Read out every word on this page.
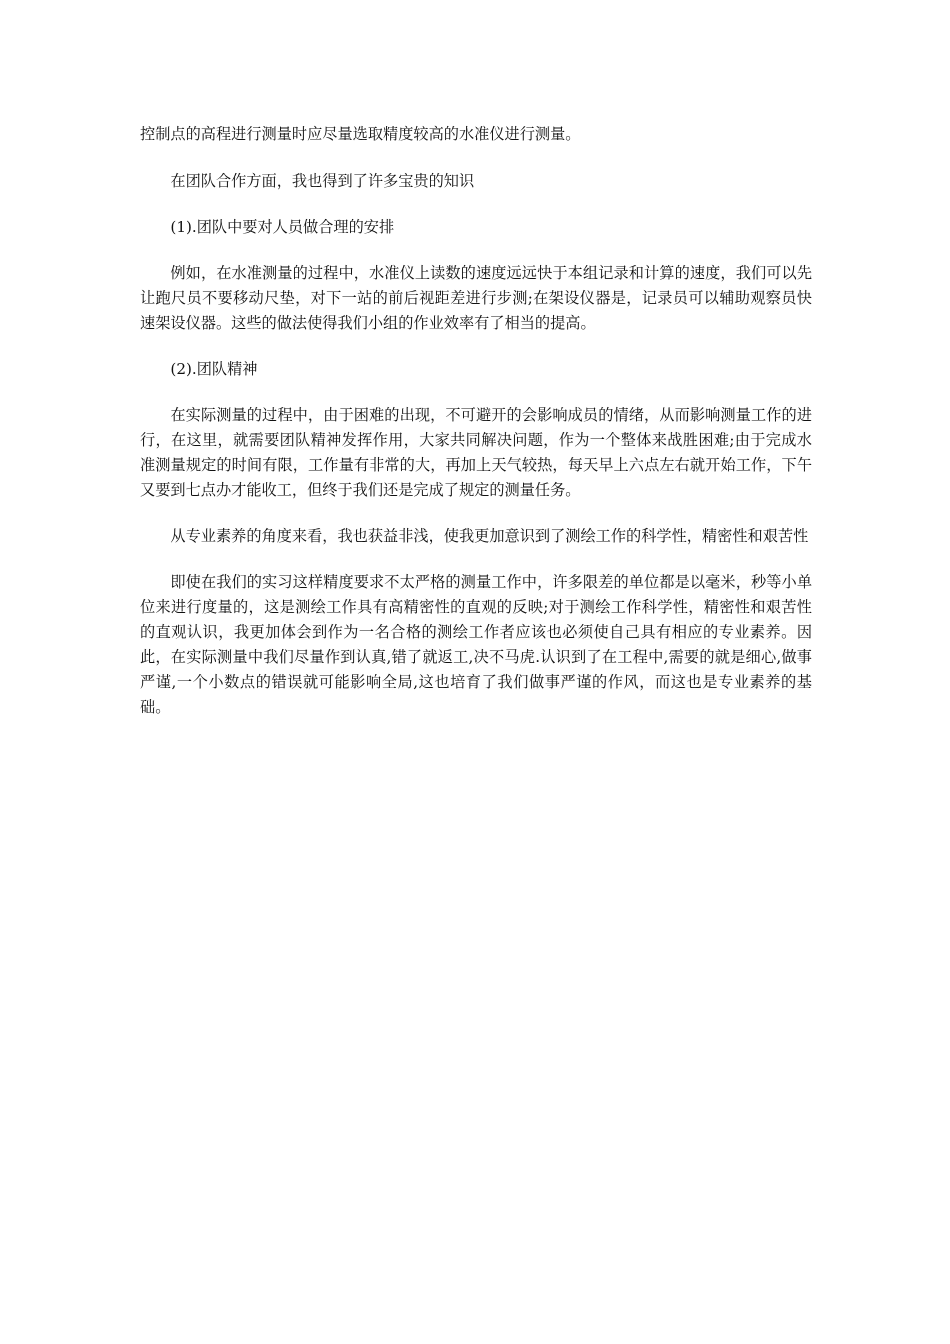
控制点的高程进行测量时应尽量选取精度较高的水准仪进行测量。

在团队合作方面，我也得到了许多宝贵的知识

(1).团队中要对人员做合理的安排

例如，在水准测量的过程中，水准仪上读数的速度远远快于本组记录和计算的速度，我们可以先让跑尺员不要移动尺垫，对下一站的前后视距差进行步测;在架设仪器是，记录员可以辅助观察员快速架设仪器。这些的做法使得我们小组的作业效率有了相当的提高。

(2).团队精神

在实际测量的过程中，由于困难的出现，不可避开的会影响成员的情绪，从而影响测量工作的进行，在这里，就需要团队精神发挥作用，大家共同解决问题，作为一个整体来战胜困难;由于完成水准测量规定的时间有限，工作量有非常的大，再加上天气较热，每天早上六点左右就开始工作，下午又要到七点办才能收工，但终于我们还是完成了规定的测量任务。

从专业素养的角度来看，我也获益非浅，使我更加意识到了测绘工作的科学性，精密性和艰苦性

即使在我们的实习这样精度要求不太严格的测量工作中，许多限差的单位都是以毫米，秒等小单位来进行度量的，这是测绘工作具有高精密性的直观的反映;对于测绘工作科学性，精密性和艰苦性的直观认识，我更加体会到作为一名合格的测绘工作者应该也必须使自己具有相应的专业素养。因此，在实际测量中我们尽量作到认真,错了就返工,决不马虎.认识到了在工程中,需要的就是细心,做事严谨,一个小数点的错误就可能影响全局,这也培育了我们做事严谨的作风，而这也是专业素养的基础。
